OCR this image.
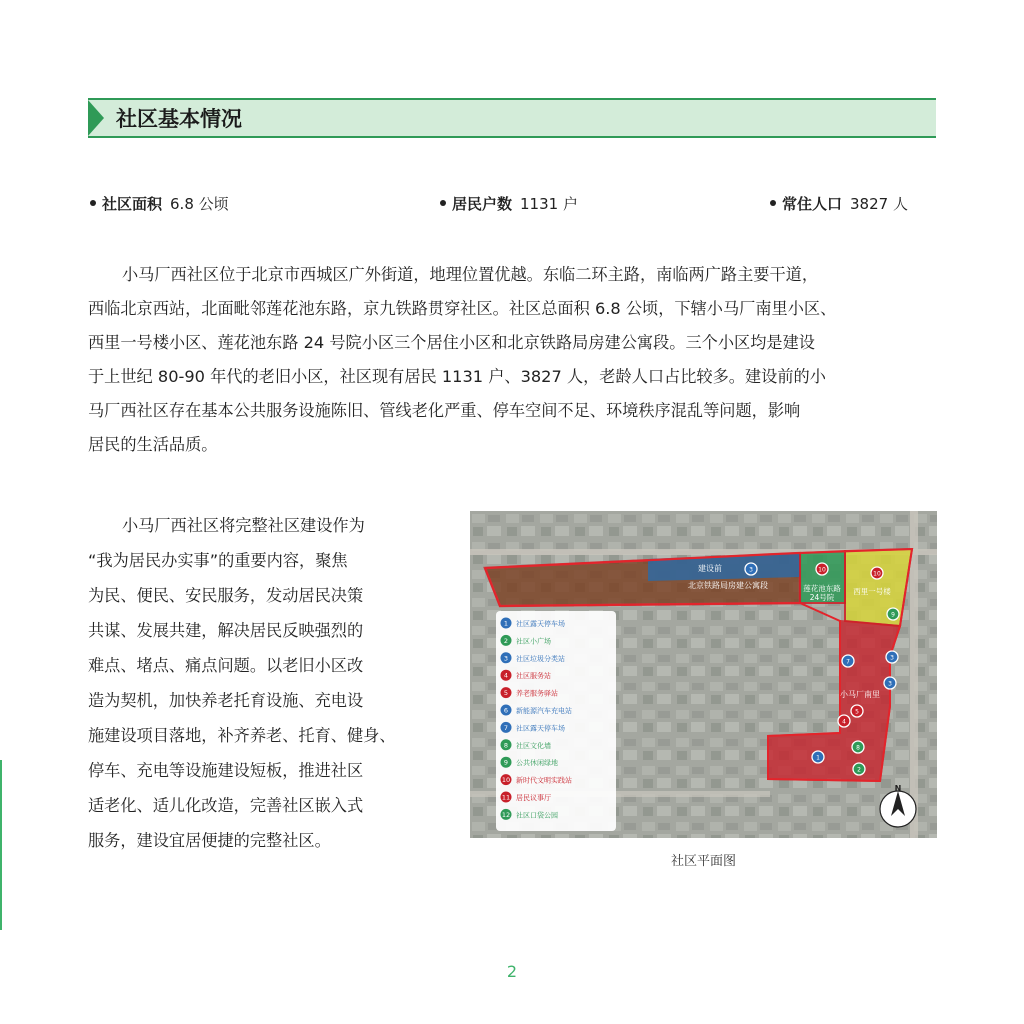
社区基本情况
社区面积 6.8 公顷	居民户数 1131 户	常住人口 3827 人
小马厂西社区位于北京市西城区广外街道，地理位置优越。东临二环主路，南临两广路主要干道，
西临北京西站，北面毗邻莲花池东路，京九铁路贯穿社区。社区总面积 6.8 公顷，下辖小马厂南里小区、
西里一号楼小区、莲花池东路 24 号院小区三个居住小区和北京铁路局房建公寓段。三个小区均是建设
于上世纪 80-90 年代的老旧小区，社区现有居民 1131 户、3827 人，老龄人口占比较多。建设前的小
马厂西社区存在基本公共服务设施陈旧、管线老化严重、停车空间不足、环境秩序混乱等问题，影响
居民的生活品质。
小马厂西社区将完整社区建设作为
“我为居民办实事”的重要内容，聚焦
为民、便民、安民服务，发动居民决策
共谋、发展共建，解决居民反映强烈的
难点、堵点、痛点问题。以老旧小区改
造为契机，加快养老托育设施、充电设
施建设项目落地，补齐养老、托育、健身、
停车、充电等设施建设短板，推进社区
适老化、适儿化改造，完善社区嵌入式
服务，建设宜居便捷的完整社区。
北京铁路局房建公寓段
建设前
莲花池东路 24号院
西里一号楼
小马厂南里
3	10
10
9
3
7
3
5
4
8
1
2
1 社区露天停车场
2 社区小广场
3 社区垃圾分类站
4 社区服务站
5 养老服务驿站
6 新能源汽车充电站
7 社区露天停车场
8 社区文化墙
9 公共休闲绿地
10 新时代文明实践站
11 居民议事厅
12 社区口袋公园
N
社区平面图
2
